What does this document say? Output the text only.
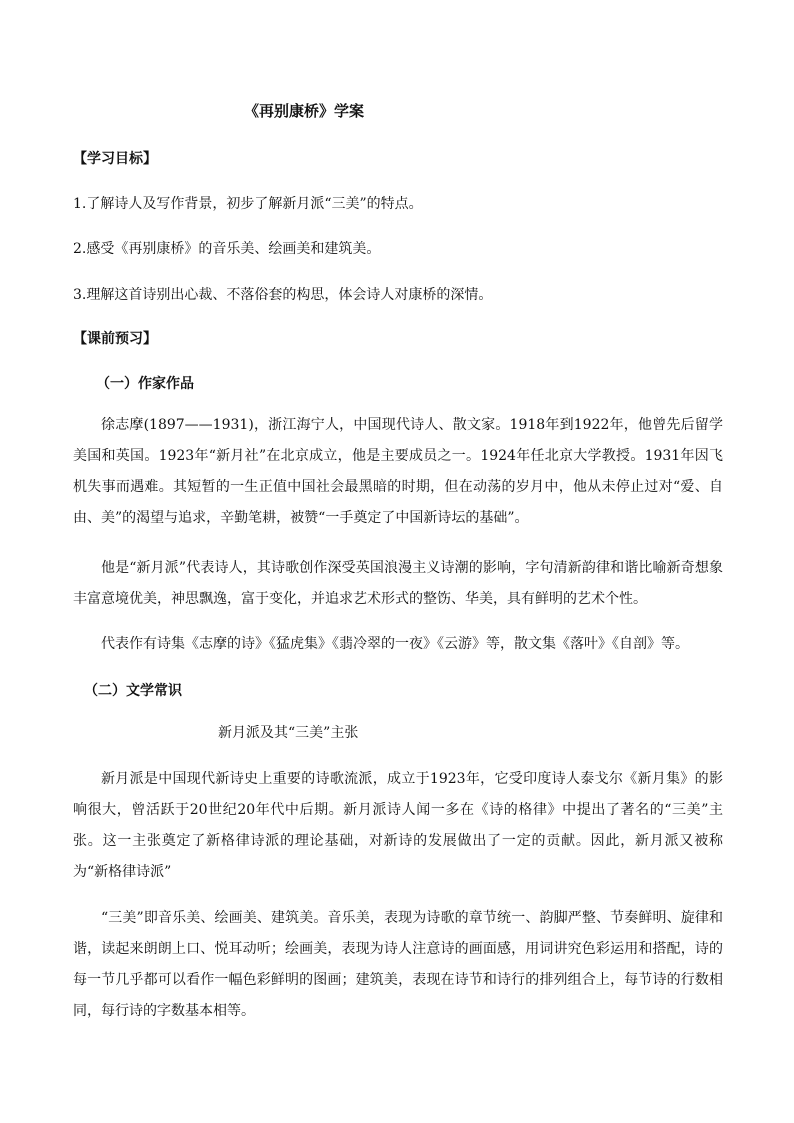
《再别康桥》学案
【学习目标】
1.了解诗人及写作背景，初步了解新月派“三美”的特点。
2.感受《再别康桥》的音乐美、绘画美和建筑美。
3.理解这首诗别出心裁、不落俗套的构思，体会诗人对康桥的深情。
【课前预习】
（一）作家作品
徐志摩(1897——1931)，浙江海宁人，中国现代诗人、散文家。1918年到1922年，他曾先后留学美国和英国。1923年“新月社”在北京成立，他是主要成员之一。1924年任北京大学教授。1931年因飞机失事而遇难。其短暂的一生正值中国社会最黑暗的时期，但在动荡的岁月中，他从未停止过对“爱、自由、美”的渴望与追求，辛勤笔耕，被赞“一手奠定了中国新诗坛的基础”。
他是“新月派”代表诗人，其诗歌创作深受英国浪漫主义诗潮的影响，字句清新韵律和谐比喻新奇想象丰富意境优美，神思飘逸，富于变化，并追求艺术形式的整饬、华美，具有鲜明的艺术个性。
代表作有诗集《志摩的诗》《猛虎集》《翡冷翠的一夜》《云游》等，散文集《落叶》《自剖》等。
（二）文学常识
新月派及其“三美”主张
新月派是中国现代新诗史上重要的诗歌流派，成立于1923年，它受印度诗人泰戈尔《新月集》的影响很大，曾活跃于20世纪20年代中后期。新月派诗人闻一多在《诗的格律》中提出了著名的“三美”主张。这一主张奠定了新格律诗派的理论基础，对新诗的发展做出了一定的贡献。因此，新月派又被称为“新格律诗派”
“三美”即音乐美、绘画美、建筑美。音乐美，表现为诗歌的章节统一、韵脚严整、节奏鲜明、旋律和谐，读起来朗朗上口、悦耳动听；绘画美，表现为诗人注意诗的画面感，用词讲究色彩运用和搭配，诗的每一节几乎都可以看作一幅色彩鲜明的图画；建筑美，表现在诗节和诗行的排列组合上，每节诗的行数相同，每行诗的字数基本相等。
